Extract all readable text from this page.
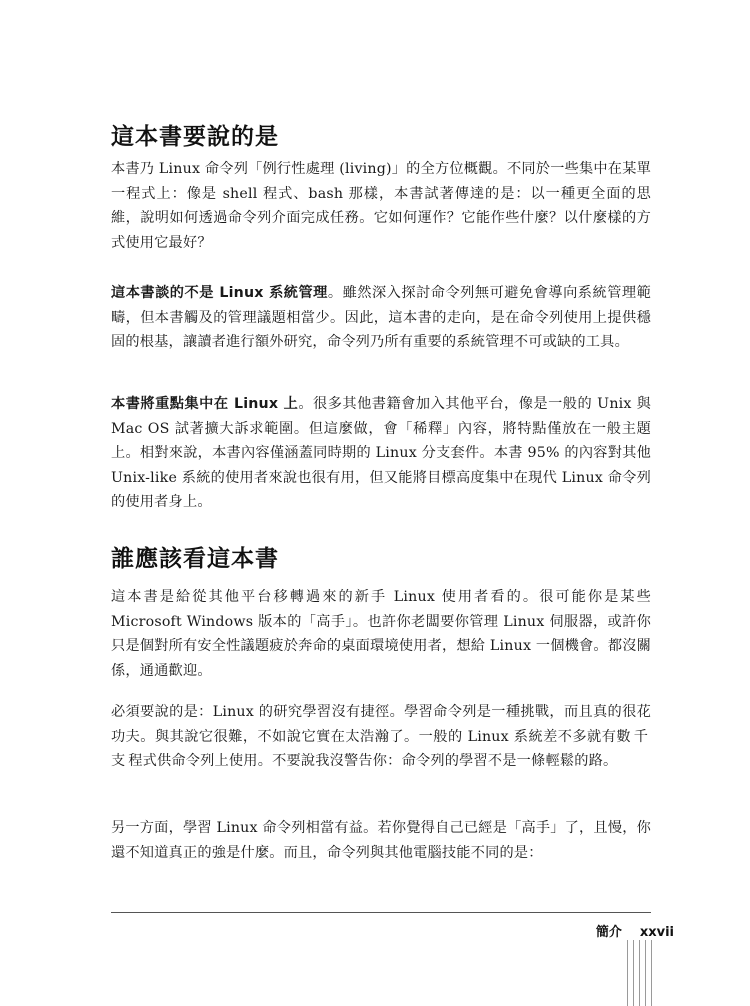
這本書要說的是

本書乃 Linux 命令列「例行性處理 (living)」的全方位概觀。不同於一些集中在某單一程式上：像是 shell 程式、bash 那樣，本書試著傳達的是：以一種更全面的思維，說明如何透過命令列介面完成任務。它如何運作？它能作些什麼？以什麼樣的方式使用它最好？

這本書談的不是 Linux 系統管理。雖然深入探討命令列無可避免會導向系統管理範疇，但本書觸及的管理議題相當少。因此，這本書的走向，是在命令列使用上提供穩固的根基，讓讀者進行額外研究，命令列乃所有重要的系統管理不可或缺的工具。

本書將重點集中在 Linux 上。很多其他書籍會加入其他平台，像是一般的 Unix 與 Mac OS 試著擴大訴求範圍。但這麼做，會「稀釋」內容，將特點僅放在一般主題上。相對來說，本書內容僅涵蓋同時期的 Linux 分支套件。本書 95% 的內容對其他 Unix-like 系統的使用者來說也很有用，但又能將目標高度集中在現代 Linux 命令列的使用者身上。

誰應該看這本書

這本書是給從其他平台移轉過來的新手 Linux 使用者看的。很可能你是某些 Microsoft Windows 版本的「高手」。也許你老闆要你管理 Linux 伺服器，或許你只是個對所有安全性議題疲於奔命的桌面環境使用者，想給 Linux 一個機會。都沒關係，通通歡迎。

必須要說的是：Linux 的研究學習沒有捷徑。學習命令列是一種挑戰，而且真的很花功夫。與其說它很難，不如說它實在太浩瀚了。一般的 Linux 系統差不多就有數千支程式供命令列上使用。不要說我沒警告你：命令列的學習不是一條輕鬆的路。

另一方面，學習 Linux 命令列相當有益。若你覺得自己已經是「高手」了，且慢，你還不知道真正的強是什麼。而且，命令列與其他電腦技能不同的是：

簡介 xxvii
